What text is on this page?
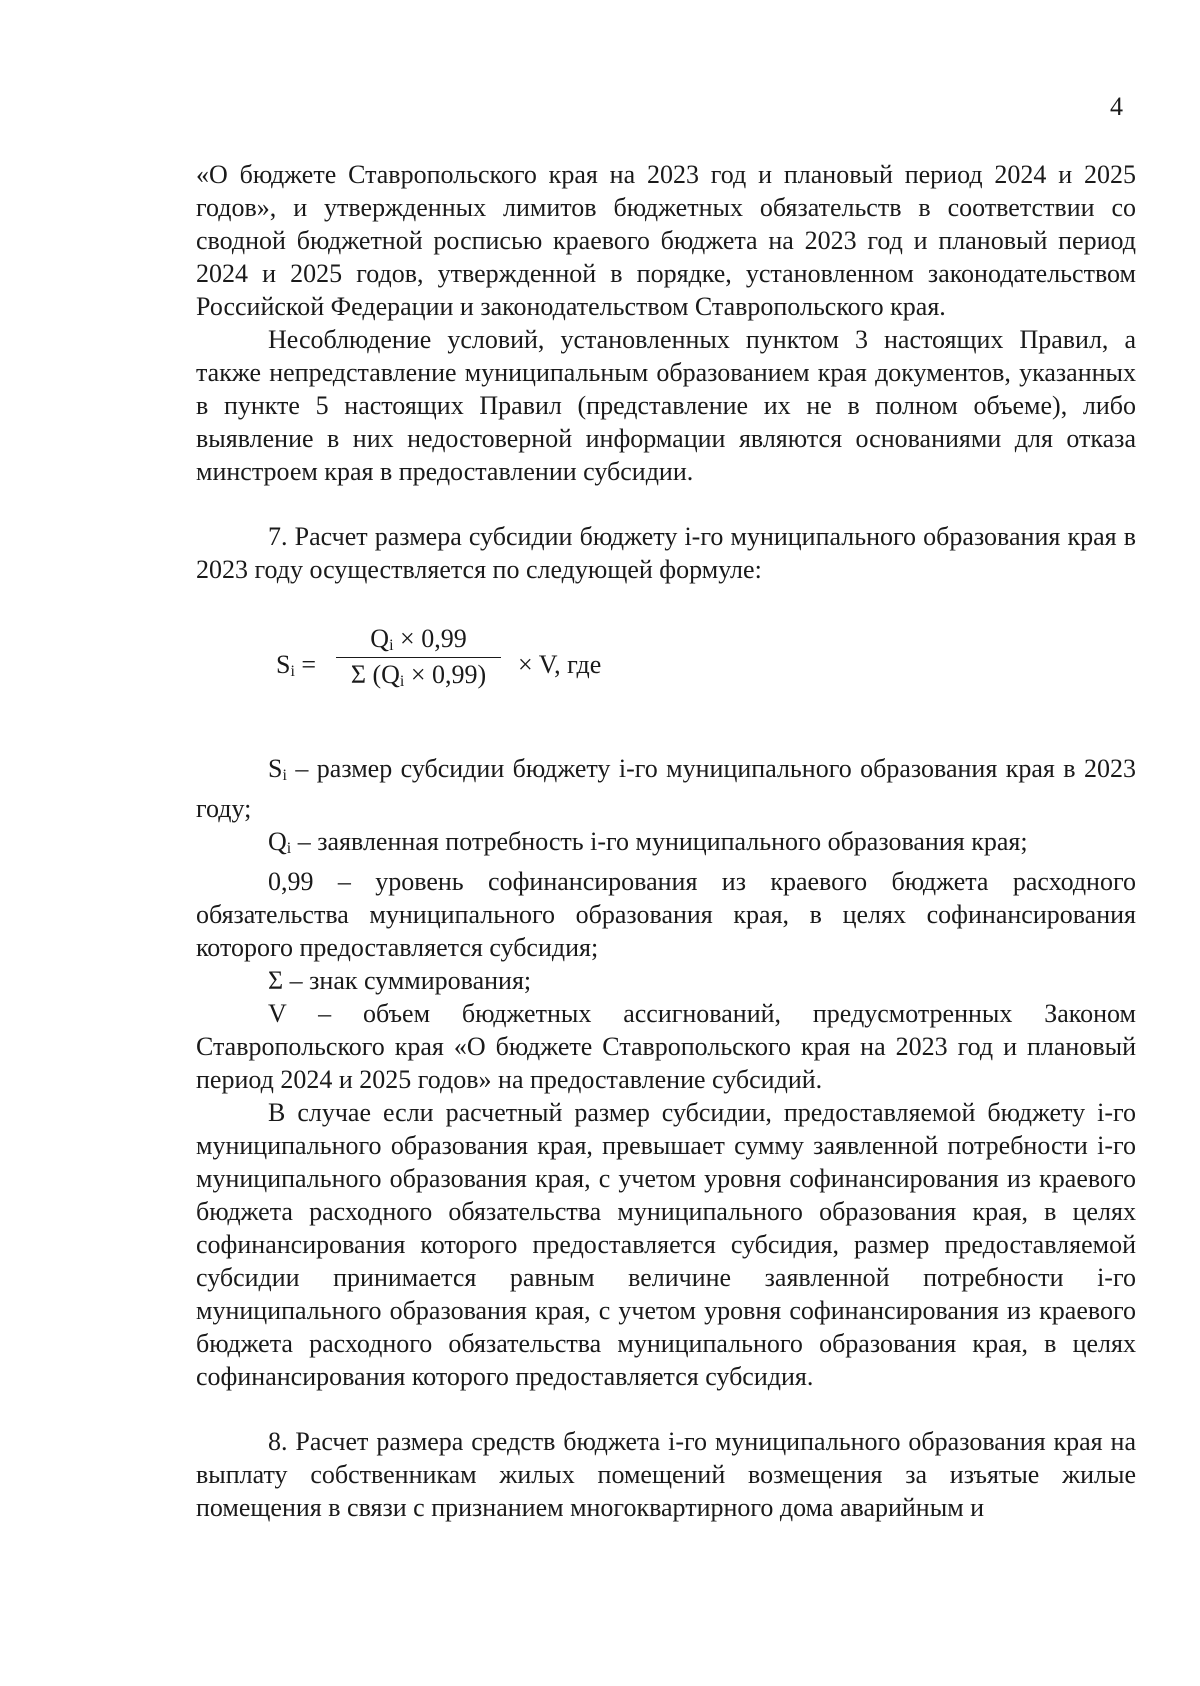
4

«О бюджете Ставропольского края на 2023 год и плановый период 2024 и 2025 годов», и утвержденных лимитов бюджетных обязательств в соответствии со сводной бюджетной росписью краевого бюджета на 2023 год и плановый период 2024 и 2025 годов, утвержденной в порядке, установленном законодательством Российской Федерации и законодательством Ставропольского края.

Несоблюдение условий, установленных пунктом 3 настоящих Правил, а также непредставление муниципальным образованием края документов, указанных в пункте 5 настоящих Правил (представление их не в полном объеме), либо выявление в них недостоверной информации являются основаниями для отказа минстроем края в предоставлении субсидии.

7. Расчет размера субсидии бюджету i-го муниципального образования края в 2023 году осуществляется по следующей формуле:

$S_i$ =
$Q_i \times 0,99$
Σ $(Q_i \times 0,99)$	× V, где

$S_i$ – размер субсидии бюджету i-го муниципального образования края в 2023 году;

$Q_i$ – заявленная потребность i-го муниципального образования края;

0,99 – уровень софинансирования из краевого бюджета расходного обязательства муниципального образования края, в целях софинансирования которого предоставляется субсидия;

Σ – знак суммирования;

V – объем бюджетных ассигнований, предусмотренных Законом Ставропольского края «О бюджете Ставропольского края на 2023 год и плановый период 2024 и 2025 годов» на предоставление субсидий.

В случае если расчетный размер субсидии, предоставляемой бюджету i-го муниципального образования края, превышает сумму заявленной потребности i-го муниципального образования края, с учетом уровня софинансирования из краевого бюджета расходного обязательства муниципального образования края, в целях софинансирования которого предоставляется субсидия, размер предоставляемой субсидии принимается равным величине заявленной потребности i-го муниципального образования края, с учетом уровня софинансирования из краевого бюджета расходного обязательства муниципального образования края, в целях софинансирования которого предоставляется субсидия.

8. Расчет размера средств бюджета i-го муниципального образования края на выплату собственникам жилых помещений возмещения за изъятые жилые помещения в связи с признанием многоквартирного дома аварийным и
